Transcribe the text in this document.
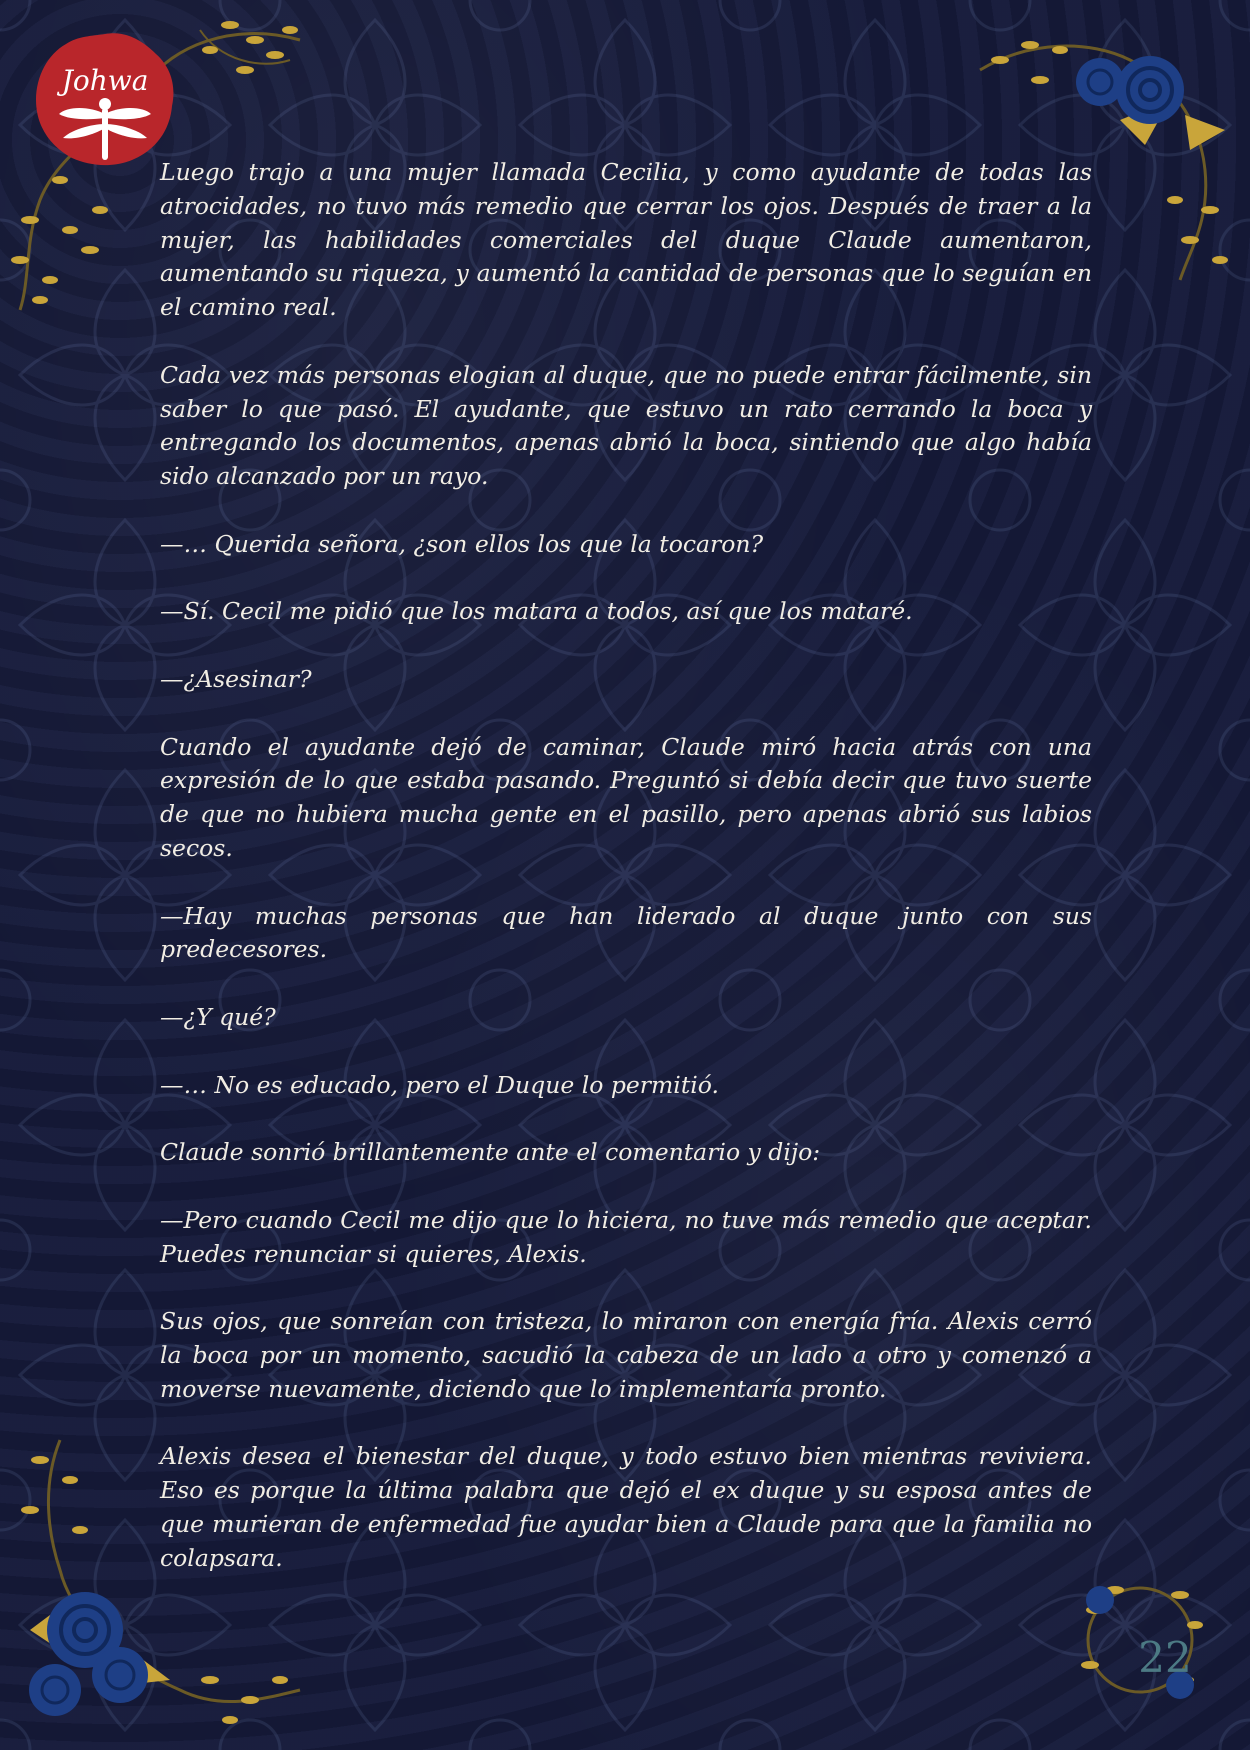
Johwa

Luego trajo a una mujer llamada Cecilia, y como ayudante de todas las atrocidades, no tuvo más remedio que cerrar los ojos. Después de traer a la mujer, las habilidades comerciales del duque Claude aumentaron, aumentando su riqueza, y aumentó la cantidad de personas que lo seguían en el camino real.

Cada vez más personas elogian al duque, que no puede entrar fácilmente, sin saber lo que pasó. El ayudante, que estuvo un rato cerrando la boca y entregando los documentos, apenas abrió la boca, sintiendo que algo había sido alcanzado por un rayo.

—… Querida señora, ¿son ellos los que la tocaron?

—Sí. Cecil me pidió que los matara a todos, así que los mataré.

—¿Asesinar?

Cuando el ayudante dejó de caminar, Claude miró hacia atrás con una expresión de lo que estaba pasando. Preguntó si debía decir que tuvo suerte de que no hubiera mucha gente en el pasillo, pero apenas abrió sus labios secos.

—Hay muchas personas que han liderado al duque junto con sus predecesores.

—¿Y qué?

—… No es educado, pero el Duque lo permitió.

Claude sonrió brillantemente ante el comentario y dijo:

—Pero cuando Cecil me dijo que lo hiciera, no tuve más remedio que aceptar. Puedes renunciar si quieres, Alexis.

Sus ojos, que sonreían con tristeza, lo miraron con energía fría. Alexis cerró la boca por un momento, sacudió la cabeza de un lado a otro y comenzó a moverse nuevamente, diciendo que lo implementaría pronto.

Alexis desea el bienestar del duque, y todo estuvo bien mientras reviviera. Eso es porque la última palabra que dejó el ex duque y su esposa antes de que murieran de enfermedad fue ayudar bien a Claude para que la familia no colapsara.

22
